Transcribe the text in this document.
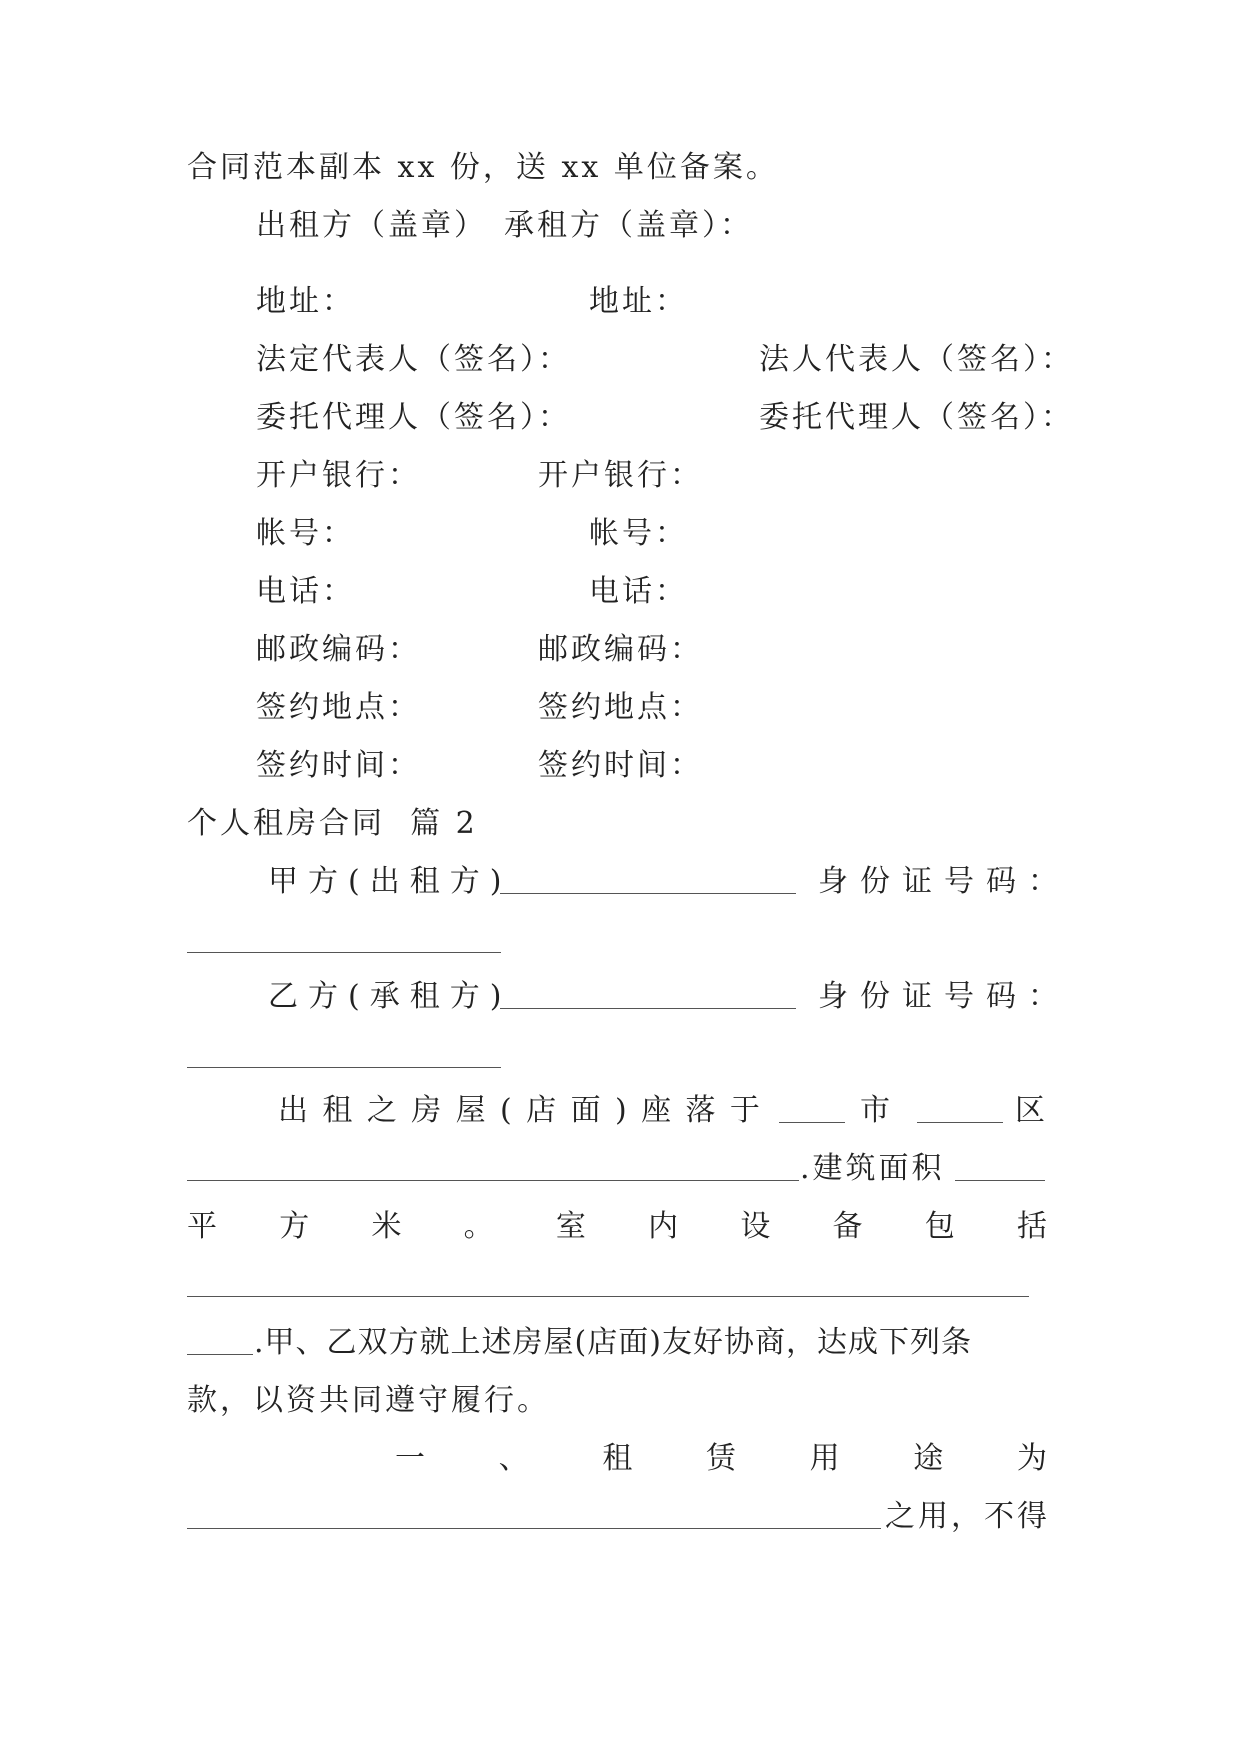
合同范本副本 xx 份，送 xx 单位备案。
出租方（盖章） 承租方（盖章）：
地址：	地址：
法定代表人（签名）：	法人代表人（签名）：
委托代理人（签名）：	委托代理人（签名）：
开户银行：	开户银行：
帐号：	帐号：
电话：	电话：
邮政编码：	邮政编码：
签约地点：	签约地点：
签约时间：	签约时间：
个人租房合同  篇 2
甲方(出租方)	身份证号码：
乙方(承租方)	身份证号码：
出 租 之 房 屋 ( 店 面 ) 座 落 于	市	区
.建筑面积
平 方 米 。 室 内 设 备 包 括
.甲、乙双方就上述房屋(店面)友好协商，达成下列条
款，以资共同遵守履行。
一 、 租 赁 用 途 为
之用，不得
